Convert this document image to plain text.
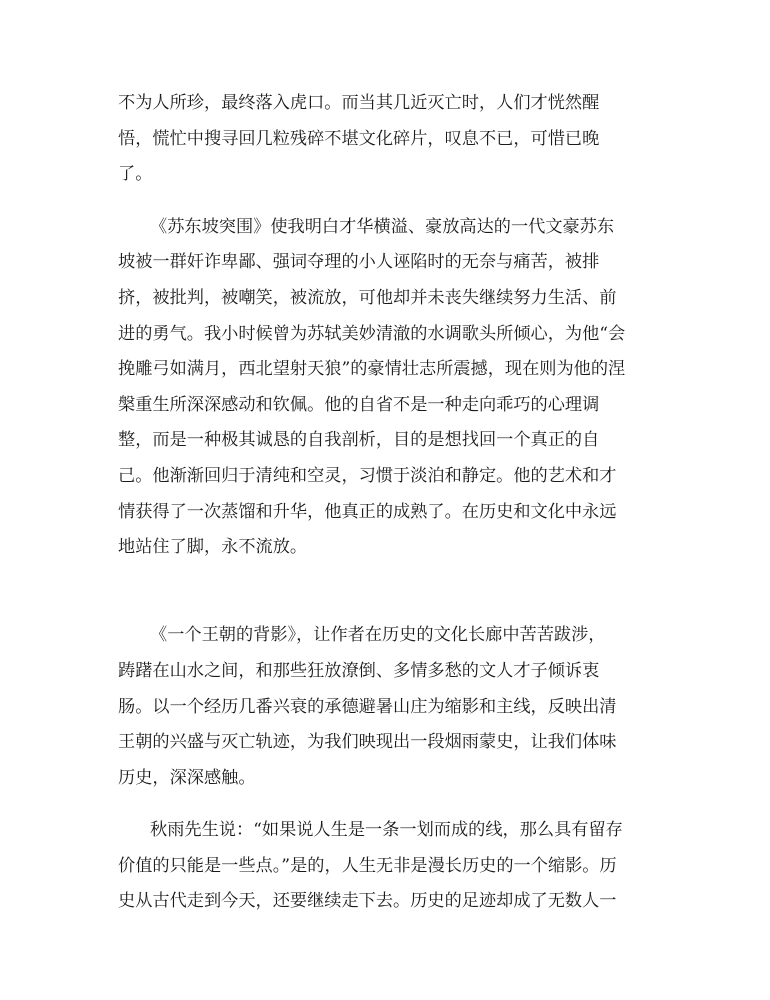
不为人所珍，最终落入虎口。而当其几近灭亡时，人们才恍然醒
悟，慌忙中搜寻回几粒残碎不堪文化碎片，叹息不已，可惜已晚
了。
《苏东坡突围》使我明白才华横溢、豪放高达的一代文豪苏东
坡被一群奸诈卑鄙、强词夺理的小人诬陷时的无奈与痛苦，被排
挤，被批判，被嘲笑，被流放，可他却并未丧失继续努力生活、前
进的勇气。我小时候曾为苏轼美妙清澈的水调歌头所倾心，为他“会
挽雕弓如满月，西北望射天狼”的豪情壮志所震撼，现在则为他的涅
槃重生所深深感动和钦佩。他的自省不是一种走向乖巧的心理调
整，而是一种极其诚恳的自我剖析，目的是想找回一个真正的自
己。他渐渐回归于清纯和空灵，习惯于淡泊和静定。他的艺术和才
情获得了一次蒸馏和升华，他真正的成熟了。在历史和文化中永远
地站住了脚，永不流放。
《一个王朝的背影》，让作者在历史的文化长廊中苦苦跋涉，
踌躇在山水之间，和那些狂放潦倒、多情多愁的文人才子倾诉衷
肠。以一个经历几番兴衰的承德避暑山庄为缩影和主线，反映出清
王朝的兴盛与灭亡轨迹，为我们映现出一段烟雨蒙史，让我们体味
历史，深深感触。
秋雨先生说：“如果说人生是一条一划而成的线，那么具有留存
价值的只能是一些点。”是的，人生无非是漫长历史的一个缩影。历
史从古代走到今天，还要继续走下去。历史的足迹却成了无数人一
